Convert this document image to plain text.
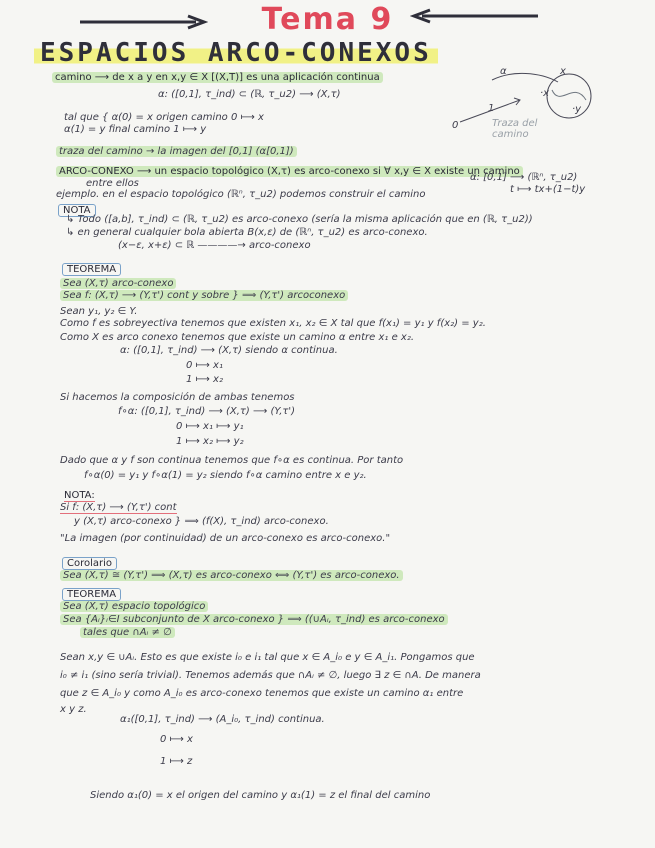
Tema 9
ESPACIOS ARCO-CONEXOS
camino ⟶ de x a y en x,y ∈ X [(X,T)] es una aplicación continua
α: ([0,1], τ_ind) ⊂ (ℝ, τ_u2) ⟶ (X,τ)
tal que { α(0) = x origen camino 0 ⟼ x
α(1) = y final camino 1 ⟼ y
α	x
·x
·y
0
1
Traza del camino
traza del camino → la imagen del [0,1] (α[0,1])
ARCO-CONEXO ⟶ un espacio topológico (X,τ) es arco-conexo si ∀ x,y ∈ X existe un camino
entre ellos
ejemplo. en el espacio topológico (ℝⁿ, τ_u2) podemos construir el camino
α: [0,1] ⟶ (ℝⁿ, τ_u2)
t ⟼ tx+(1−t)y
NOTA
↳ Todo ([a,b], τ_ind) ⊂ (ℝ, τ_u2) es arco-conexo (sería la misma aplicación que en (ℝ, τ_u2))
↳ en general cualquier bola abierta B(x,ε) de (ℝⁿ, τ_u2) es arco-conexo.
(x−ε, x+ε) ⊂ ℝ ————→ arco-conexo
TEOREMA
Sea (X,τ) arco-conexo
Sea f: (X,τ) ⟶ (Y,τ') cont y sobre } ⟹ (Y,τ') arcoconexo
Sean y₁, y₂ ∈ Y.
Como f es sobreyectiva tenemos que existen x₁, x₂ ∈ X tal que f(x₁) = y₁ y f(x₂) = y₂.
Como X es arco conexo tenemos que existe un camino α entre x₁ e x₂.
α: ([0,1], τ_ind) ⟶ (X,τ) siendo α continua.
0 ⟼ x₁
1 ⟼ x₂
Si hacemos la composición de ambas tenemos
f∘α: ([0,1], τ_ind) ⟶ (X,τ) ⟶ (Y,τ')
0 ⟼ x₁ ⟼ y₁
1 ⟼ x₂ ⟼ y₂
Dado que α y f son continua tenemos que f∘α es continua. Por tanto
f∘α(0) = y₁ y f∘α(1) = y₂ siendo f∘α camino entre x e y₂.
NOTA:
Si f: (X,τ) ⟶ (Y,τ') cont
y (X,τ) arco-conexo } ⟹ (f(X), τ_ind) arco-conexo.
"La imagen (por continuidad) de un arco-conexo es arco-conexo."
Corolario
Sea (X,τ) ≅ (Y,τ') ⟹ (X,τ) es arco-conexo ⟺ (Y,τ') es arco-conexo.
TEOREMA
Sea (X,τ) espacio topológico
Sea {Aᵢ}ᵢ∈I subconjunto de X arco-conexo } ⟹ ((∪Aᵢ, τ_ind) es arco-conexo
tales que ∩Aᵢ ≠ ∅
Sean x,y ∈ ∪Aᵢ. Esto es que existe i₀ e i₁ tal que x ∈ A_i₀ e y ∈ A_i₁. Pongamos que
i₀ ≠ i₁ (sino sería trivial). Tenemos además que ∩Aᵢ ≠ ∅, luego ∃ z ∈ ∩A. De manera
que z ∈ A_i₀ y como A_i₀ es arco-conexo tenemos que existe un camino α₁ entre
x y z.
α₁([0,1], τ_ind) ⟶ (A_i₀, τ_ind) continua.
0 ⟼ x
1 ⟼ z
Siendo α₁(0) = x el origen del camino y α₁(1) = z el final del camino
